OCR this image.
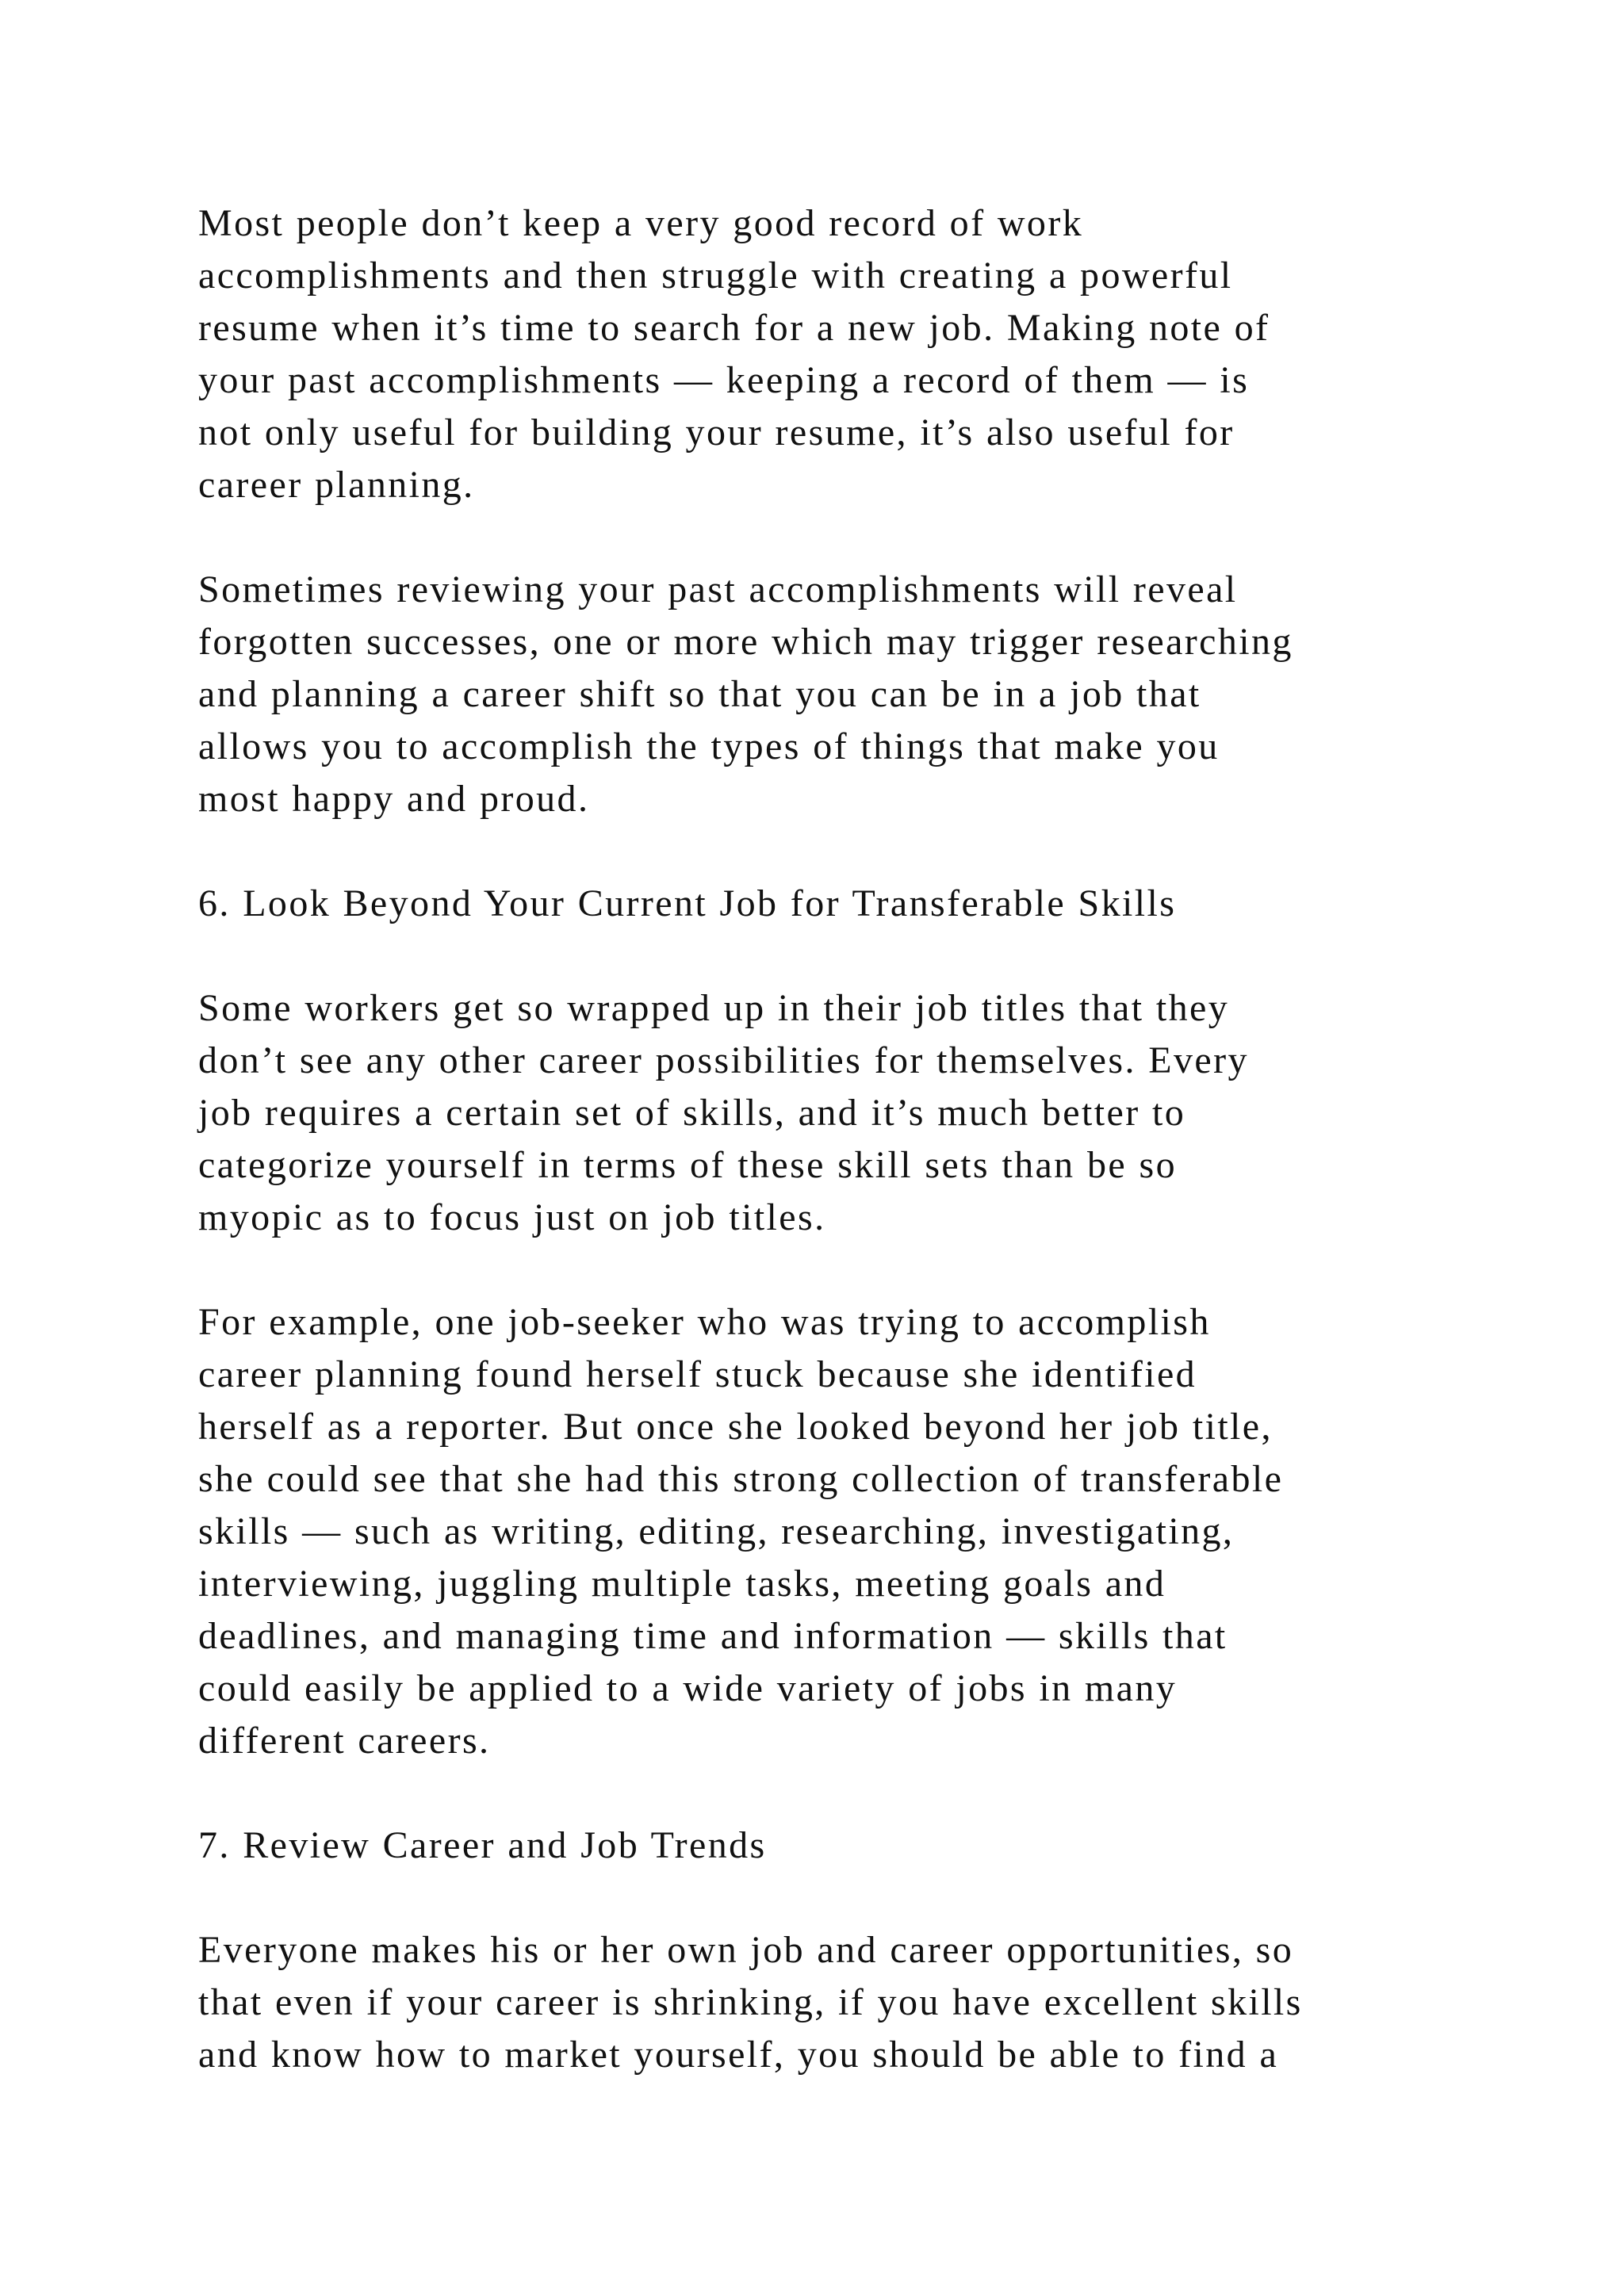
Most people don’t keep a very good record of work
accomplishments and then struggle with creating a powerful
resume when it’s time to search for a new job. Making note of
your past accomplishments — keeping a record of them — is
not only useful for building your resume, it’s also useful for
career planning.

Sometimes reviewing your past accomplishments will reveal
forgotten successes, one or more which may trigger researching
and planning a career shift so that you can be in a job that
allows you to accomplish the types of things that make you
most happy and proud.

6. Look Beyond Your Current Job for Transferable Skills

Some workers get so wrapped up in their job titles that they
don’t see any other career possibilities for themselves. Every
job requires a certain set of skills, and it’s much better to
categorize yourself in terms of these skill sets than be so
myopic as to focus just on job titles.

For example, one job-seeker who was trying to accomplish
career planning found herself stuck because she identified
herself as a reporter. But once she looked beyond her job title,
she could see that she had this strong collection of transferable
skills — such as writing, editing, researching, investigating,
interviewing, juggling multiple tasks, meeting goals and
deadlines, and managing time and information — skills that
could easily be applied to a wide variety of jobs in many
different careers.

7. Review Career and Job Trends

Everyone makes his or her own job and career opportunities, so
that even if your career is shrinking, if you have excellent skills
and know how to market yourself, you should be able to find a
